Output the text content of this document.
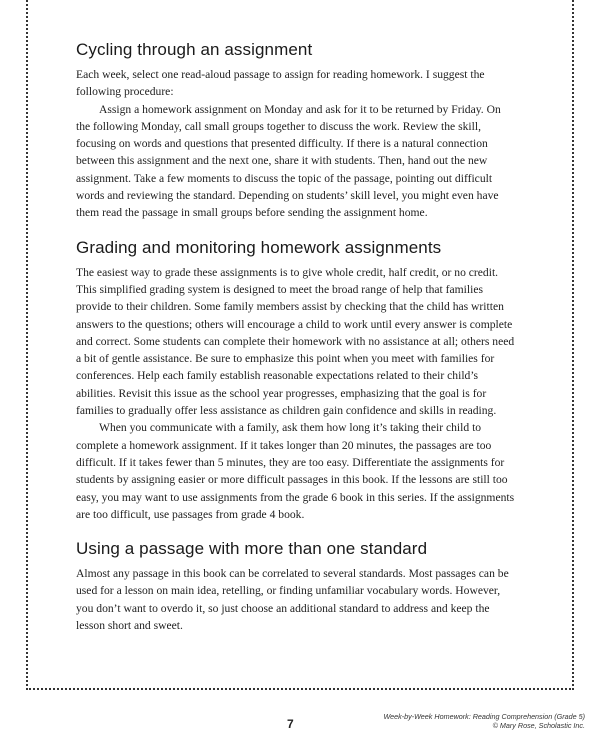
Cycling through an assignment

Each week, select one read-aloud passage to assign for reading homework. I suggest the following procedure:

Assign a homework assignment on Monday and ask for it to be returned by Friday. On the following Monday, call small groups together to discuss the work. Review the skill, focusing on words and questions that presented difficulty. If there is a natural connection between this assignment and the next one, share it with students. Then, hand out the new assignment. Take a few moments to discuss the topic of the passage, pointing out difficult words and reviewing the standard. Depending on students’ skill level, you might even have them read the passage in small groups before sending the assignment home.

Grading and monitoring homework assignments

The easiest way to grade these assignments is to give whole credit, half credit, or no credit. This simplified grading system is designed to meet the broad range of help that families provide to their children. Some family members assist by checking that the child has written answers to the questions; others will encourage a child to work until every answer is complete and correct. Some students can complete their homework with no assistance at all; others need a bit of gentle assistance. Be sure to emphasize this point when you meet with families for conferences. Help each family establish reasonable expectations related to their child’s abilities. Revisit this issue as the school year progresses, emphasizing that the goal is for families to gradually offer less assistance as children gain confidence and skills in reading.

When you communicate with a family, ask them how long it’s taking their child to complete a homework assignment. If it takes longer than 20 minutes, the passages are too difficult. If it takes fewer than 5 minutes, they are too easy. Differentiate the assignments for students by assigning easier or more difficult passages in this book. If the lessons are still too easy, you may want to use assignments from the grade 6 book in this series. If the assignments are too difficult, use passages from grade 4 book.

Using a passage with more than one standard

Almost any passage in this book can be correlated to several standards. Most passages can be used for a lesson on main idea, retelling, or finding unfamiliar vocabulary words. However, you don’t want to overdo it, so just choose an additional standard to address and keep the lesson short and sweet.

7
Week-by-Week Homework: Reading Comprehension (Grade 5)
© Mary Rose, Scholastic Inc.
